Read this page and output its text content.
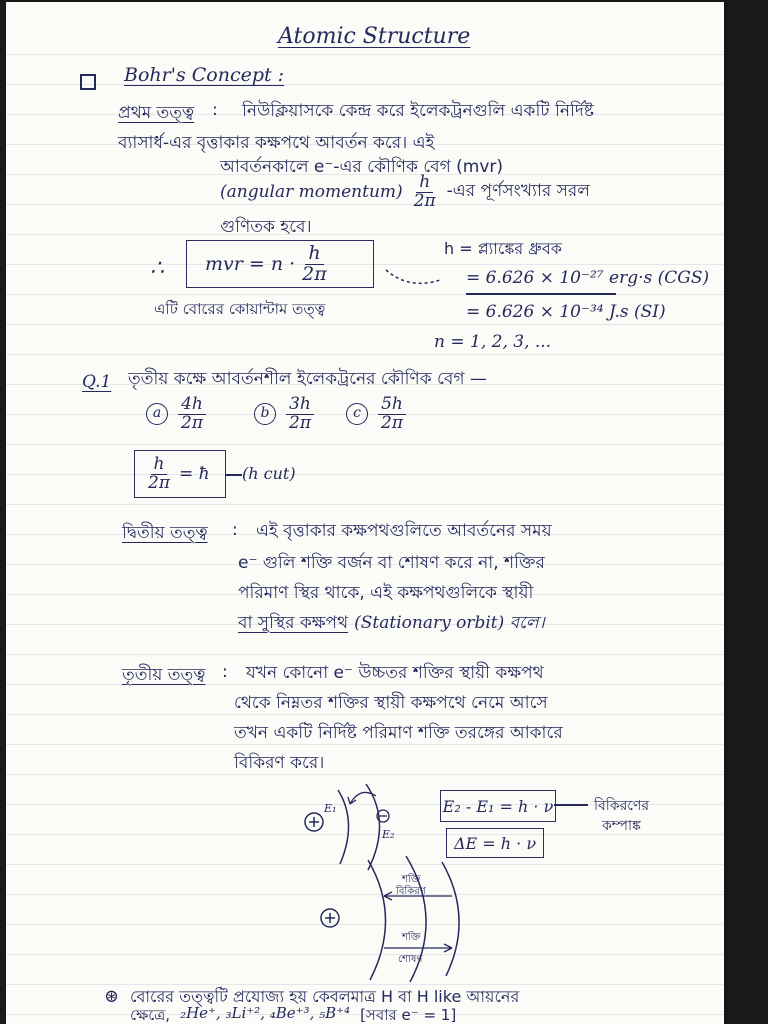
Atomic Structure
Bohr's Concept :
প্রথম তত্ত্ব : নিউক্লিয়াসকে কেন্দ্র করে ইলেকট্রনগুলি একটি নির্দিষ্ট
ব্যাসার্ধ-এর বৃত্তাকার কক্ষপথে আবর্তন করে। এই
আবর্তনকালে e⁻-এর কৌণিক বেগ (mvr)
(angular momentum) $\frac{h}{2\pi}$ -এর পূর্ণসংখ্যার সরল
গুণিতক হবে।
∴ mvr = $n \cdot \frac{h}{2\pi}$
এটি বোরের কোয়ান্টাম তত্ত্ব
h = প্ল্যাঙ্কের ধ্রুবক
= 6.626 × 10⁻²⁷ erg·s (CGS)
= 6.626 × 10⁻³⁴ J.s (SI)
n = 1, 2, 3, ...
Q.1 তৃতীয় কক্ষে আবর্তনশীল ইলেকট্রনের কৌণিক বেগ —
a $\frac{4h}{2\pi}$	b $\frac{3h}{2\pi}$	c	$\frac{5h}{2\pi}$
$\frac{h}{2\pi}$ = ħ (h cut)
দ্বিতীয় তত্ত্ব : এই বৃত্তাকার কক্ষপথগুলিতে আবর্তনের সময়
e⁻ গুলি শক্তি বর্জন বা শোষণ করে না, শক্তির
পরিমাণ স্থির থাকে, এই কক্ষপথগুলিকে স্থায়ী
বা সুস্থির কক্ষপথ (Stationary orbit) বলে।
তৃতীয় তত্ত্ব : যখন কোনো e⁻ উচ্চতর শক্তির স্থায়ী কক্ষপথ
থেকে নিম্নতর শক্তির স্থায়ী কক্ষপথে নেমে আসে
তখন একটি নির্দিষ্ট পরিমাণ শক্তি তরঙ্গের আকারে
বিকিরণ করে।
E₁
E₂
E₂ - E₁ = h · ν
ΔE = h · ν
বিকিরণের
কম্পাঙ্ক
শক্তি
বিকিরণ
শক্তি
শোষণ
⊛ বোরের তত্ত্বটি প্রযোজ্য হয় কেবলমাত্র H বা H like আয়নের
ক্ষেত্রে, ₂He⁺, ₃Li⁺², ₄Be⁺³, ₅B⁺⁴ [সবার e⁻ = 1]
